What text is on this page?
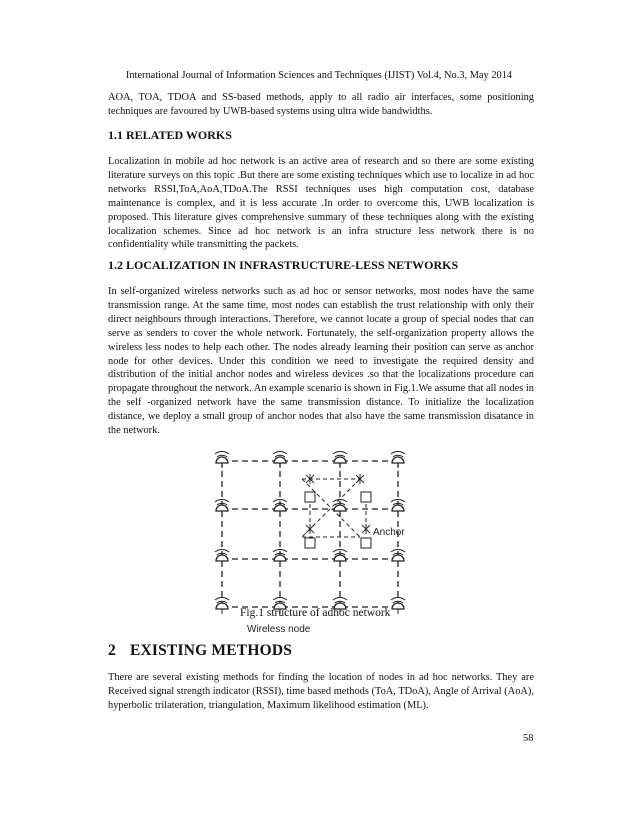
International Journal of Information Sciences and Techniques (IJIST) Vol.4, No.3, May 2014
AOA, TOA, TDOA and SS-based methods, apply to all radio air interfaces, some positioning techniques are favoured by UWB-based systems using ultra wide bandwidths.
1.1 RELATED WORKS
Localization in mobile ad hoc network is an active area of research and so there are some existing literature surveys on this topic .But there are some existing techniques which use to localize in ad hoc networks RSSI,ToA,AoA,TDoA.The RSSI techniques uses high computation cost, database maintenance is complex, and it is less accurate .In order to overcome this, UWB localization is proposed. This literature gives comprehensive summary of these techniques along with the existing localization schemes. Since ad hoc network is an infra structure less network there is no confidentiality while transmitting the packets.
1.2 LOCALIZATION IN INFRASTRUCTURE-LESS NETWORKS
In self-organized wireless networks such as ad hoc or sensor networks, most nodes have the same transmission range. At the same time, most nodes can establish the trust relationship with only their direct neighbours through interactions. Therefore, we cannot locate a group of special nodes that can serve as senders to cover the whole network. Fortunately, the self-organization property allows the wireless less nodes to help each other. The nodes already learning their position can serve as anchor node for other devices. Under this condition we need to investigate the required density and distribution of the initial anchor nodes and wireless devices .so that the localizations procedure can propagate throughout the network. An example scenario is shown in Fig.1.We assume that all nodes in the self -organized network have the same transmission distance. To initialize the localization distance, we deploy a small group of anchor nodes that also have the same transmission disatance in the network.
Anchor
Fig.1 structure of adhoc network
Wireless node
2 EXISTING METHODS
There are several existing methods for finding the location of nodes in ad hoc networks. They are Received signal strength indicator (RSSI), time based methods (ToA, TDoA), Angle of Arrival (AoA), hyperbolic trilateration, triangulation, Maximum likelihood estimation (ML).
58
